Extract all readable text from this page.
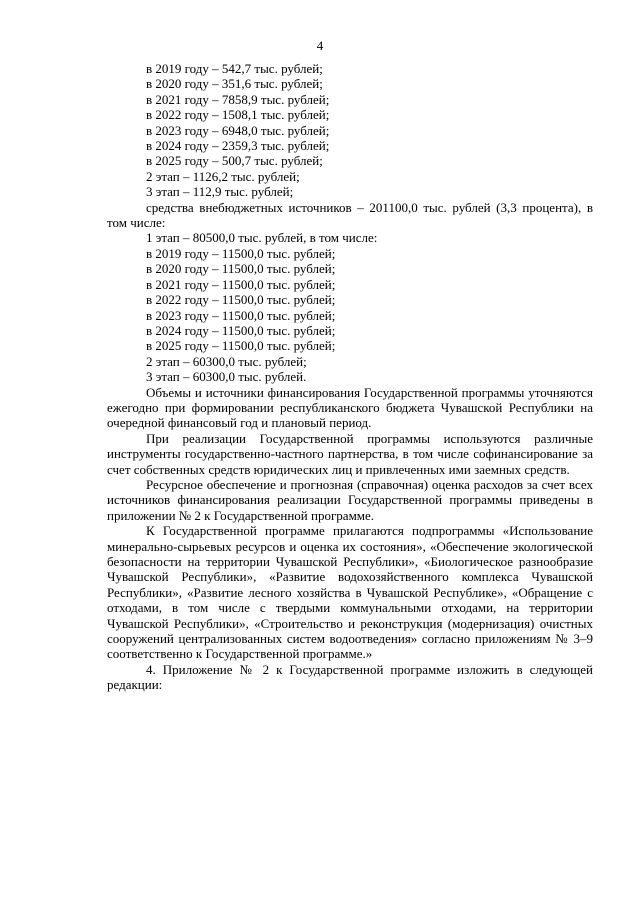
4

в 2019 году – 542,7 тыс. рублей;

в 2020 году – 351,6 тыс. рублей;

в 2021 году – 7858,9 тыс. рублей;

в 2022 году – 1508,1 тыс. рублей;

в 2023 году – 6948,0 тыс. рублей;

в 2024 году – 2359,3 тыс. рублей;

в 2025 году – 500,7 тыс. рублей;

2 этап – 1126,2 тыс. рублей;

3 этап – 112,9 тыс. рублей;

средства внебюджетных источников – 201100,0 тыс. рублей (3,3 процента), в том числе:

1 этап – 80500,0 тыс. рублей, в том числе:

в 2019 году – 11500,0 тыс. рублей;

в 2020 году – 11500,0 тыс. рублей;

в 2021 году – 11500,0 тыс. рублей;

в 2022 году – 11500,0 тыс. рублей;

в 2023 году – 11500,0 тыс. рублей;

в 2024 году – 11500,0 тыс. рублей;

в 2025 году – 11500,0 тыс. рублей;

2 этап – 60300,0 тыс. рублей;

3 этап – 60300,0 тыс. рублей.

Объемы и источники финансирования Государственной программы уточняются ежегодно при формировании республиканского бюджета Чувашской Республики на очередной финансовый год и плановый период.

При реализации Государственной программы используются различные инструменты государственно-частного партнерства, в том числе софинансирование за счет собственных средств юридических лиц и привлеченных ими заемных средств.

Ресурсное обеспечение и прогнозная (справочная) оценка расходов за счет всех источников финансирования реализации Государственной программы приведены в приложении № 2 к Государственной программе.

К Государственной программе прилагаются подпрограммы «Использование минерально-сырьевых ресурсов и оценка их состояния», «Обеспечение экологической безопасности на территории Чувашской Республики», «Биологическое разнообразие Чувашской Республики», «Развитие водохозяйственного комплекса Чувашской Республики», «Развитие лесного хозяйства в Чувашской Республике», «Обращение с отходами, в том числе с твердыми коммунальными отходами, на территории Чувашской Республики», «Строительство и реконструкция (модернизация) очистных сооружений централизованных систем водоотведения» согласно приложениям № 3–9 соответственно к Государственной программе.»

4. Приложение № 2 к Государственной программе изложить в следующей редакции:
